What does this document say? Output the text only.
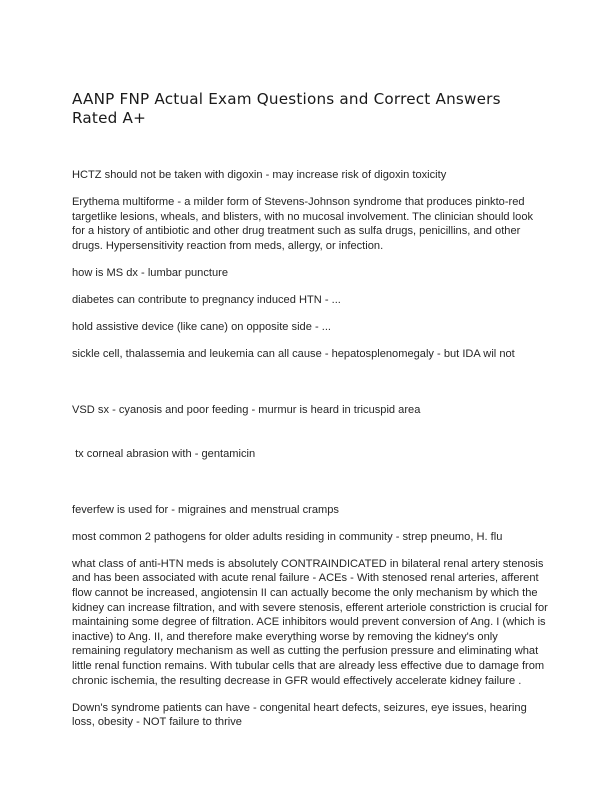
AANP FNP Actual Exam Questions and Correct Answers Rated A+

HCTZ should not be taken with digoxin - may increase risk of digoxin toxicity

Erythema multiforme - a milder form of Stevens-Johnson syndrome that produces pinkto-red targetlike lesions, wheals, and blisters, with no mucosal involvement. The clinician should look for a history of antibiotic and other drug treatment such as sulfa drugs, penicillins, and other drugs. Hypersensitivity reaction from meds, allergy, or infection.

how is MS dx - lumbar puncture

diabetes can contribute to pregnancy induced HTN - ...

hold assistive device (like cane) on opposite side - ...

sickle cell, thalassemia and leukemia can all cause - hepatosplenomegaly - but IDA wil not

VSD sx - cyanosis and poor feeding - murmur is heard in tricuspid area

tx corneal abrasion with - gentamicin

feverfew is used for - migraines and menstrual cramps

most common 2 pathogens for older adults residing in community - strep pneumo, H. flu

what class of anti-HTN meds is absolutely CONTRAINDICATED in bilateral renal artery stenosis and has been associated with acute renal failure - ACEs - With stenosed renal arteries, afferent flow cannot be increased, angiotensin II can actually become the only mechanism by which the kidney can increase filtration, and with severe stenosis, efferent arteriole constriction is crucial for maintaining some degree of filtration. ACE inhibitors would prevent conversion of Ang. I (which is inactive) to Ang. II, and therefore make everything worse by removing the kidney's only remaining regulatory mechanism as well as cutting the perfusion pressure and eliminating what little renal function remains. With tubular cells that are already less effective due to damage from chronic ischemia, the resulting decrease in GFR would effectively accelerate kidney failure .

Down's syndrome patients can have - congenital heart defects, seizures, eye issues, hearing loss, obesity - NOT failure to thrive
